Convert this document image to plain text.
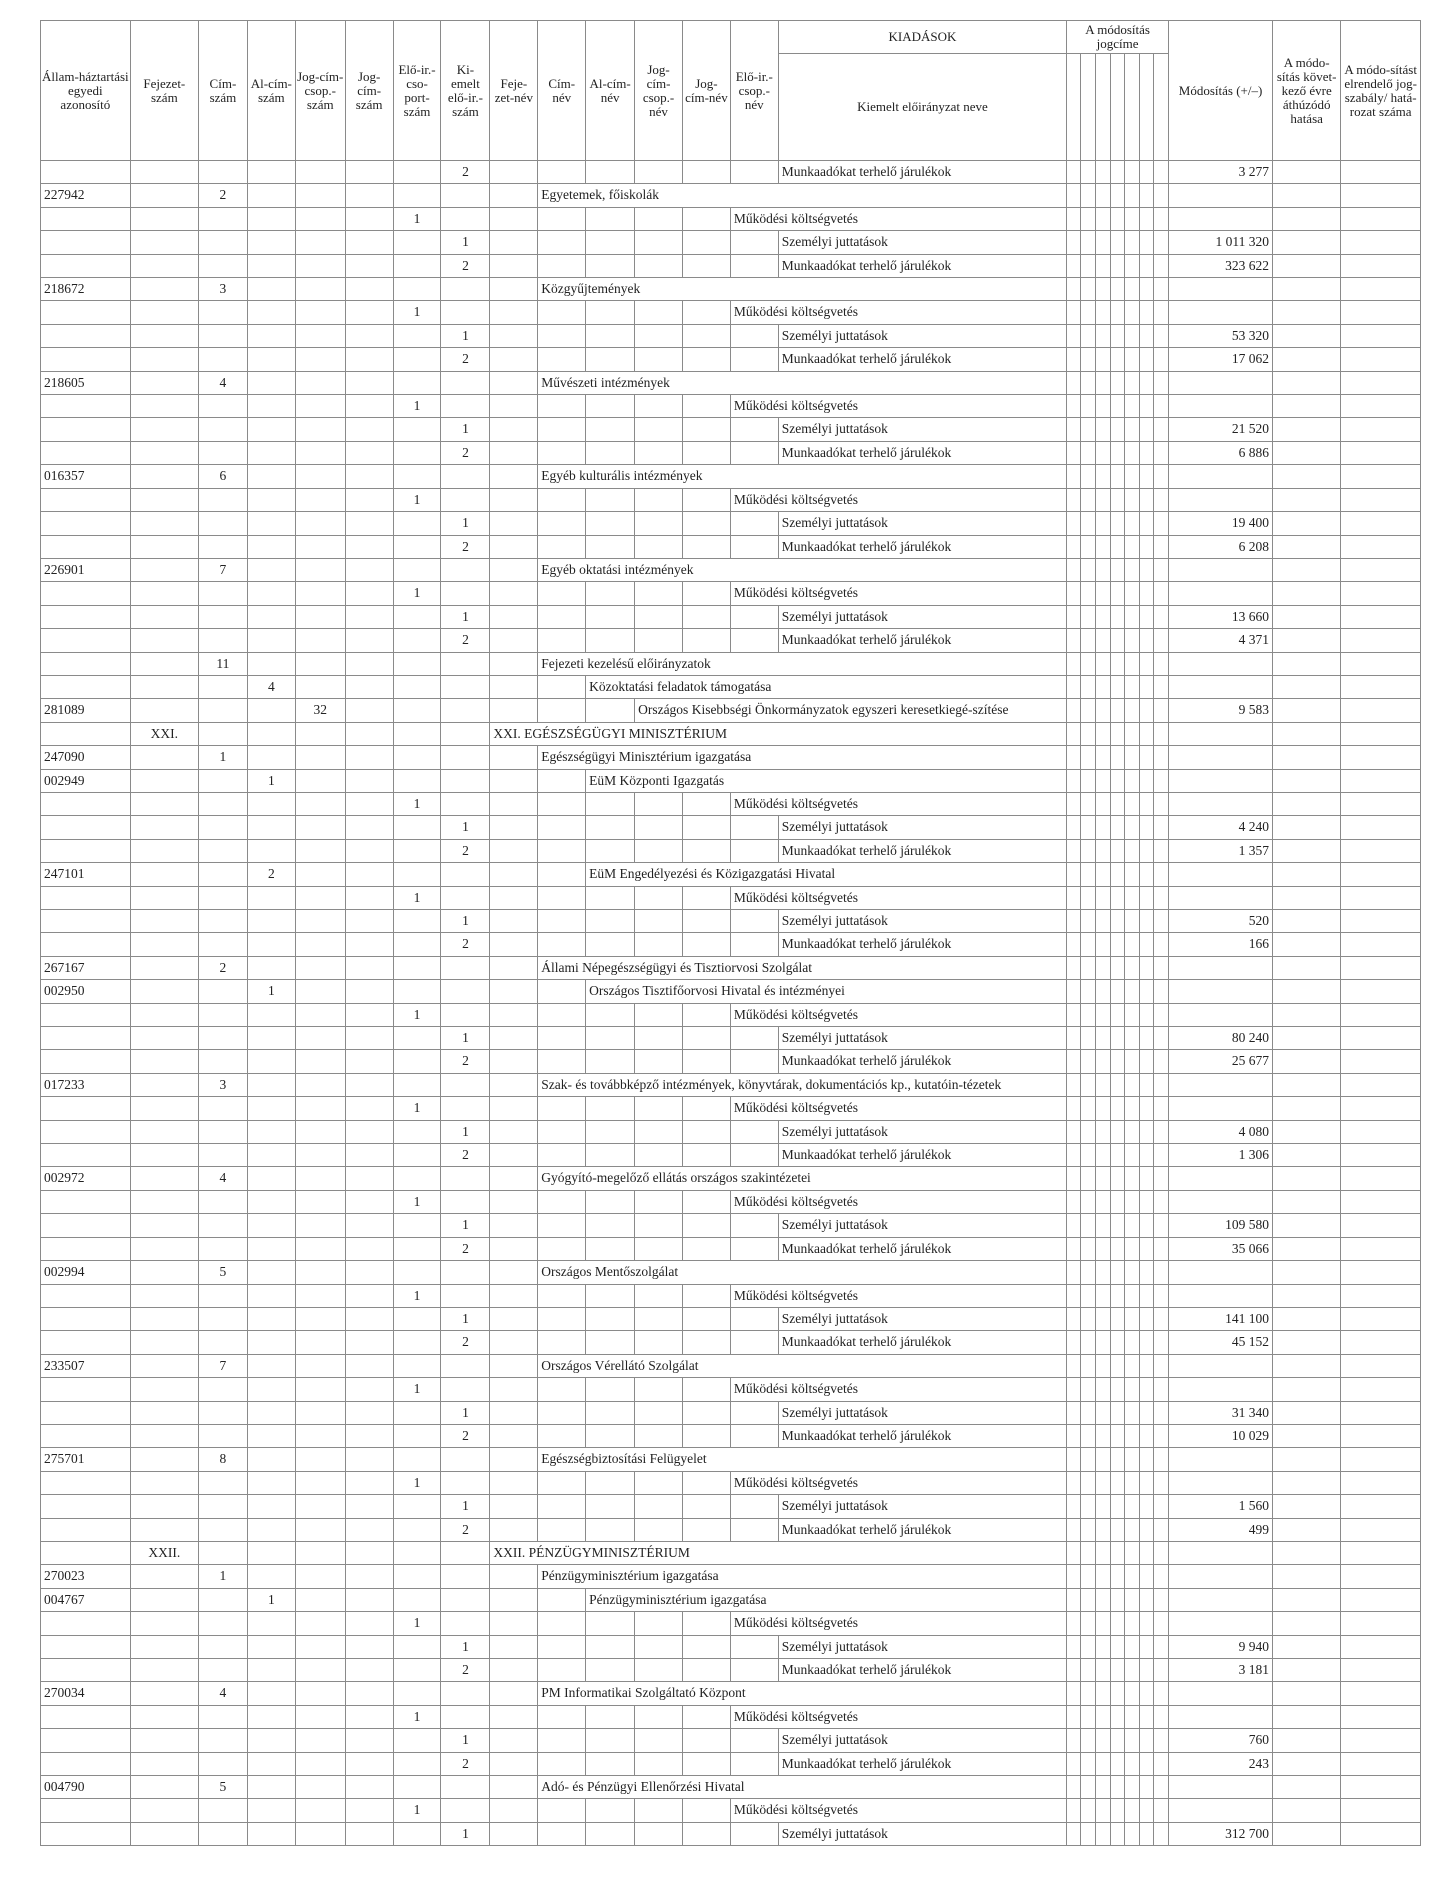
Állam-háztartási egyedi azonosító	Fejezet-szám	Cím-szám	Al-cím-szám	Jog-cím-csop.-szám	Jog-cím-szám	Elő-ir.-cso-port-szám	Ki-emelt elő-ir.-szám	Feje-zet-név	Cím-név	Al-cím-név	Jog-cím-csop.-név	Jog-cím-név	Elő-ir.-csop.-név	KIADÁSOK	A módosítás jogcíme							Módosítás (+/–)	A módo-sítás követ-kező évre áthúzódó hatása	A módo-sítást elrendelő jog-szabály/ hatá-rozat száma
														Kiemelt előirányzat neve										
							2							Munkaadókat terhelő járulékok								3 277		
227942		2							Egyetemek, főiskolák															
						1							Működési költségvetés											
							1							Személyi juttatások								1 011 320		
							2							Munkaadókat terhelő járulékok								323 622		
218672		3							Közgyűjtemények															
						1							Működési költségvetés											
							1							Személyi juttatások								53 320		
							2							Munkaadókat terhelő járulékok								17 062		
218605		4							Művészeti intézmények															
						1							Működési költségvetés											
							1							Személyi juttatások								21 520		
							2							Munkaadókat terhelő járulékok								6 886		
016357		6							Egyéb kulturális intézmények															
						1							Működési költségvetés											
							1							Személyi juttatások								19 400		
							2							Munkaadókat terhelő járulékok								6 208		
226901		7							Egyéb oktatási intézmények															
						1							Működési költségvetés											
							1							Személyi juttatások								13 660		
							2							Munkaadókat terhelő járulékok								4 371		
		11							Fejezeti kezelésű előirányzatok															
			4							Közoktatási feladatok támogatása														
281089				32							Országos Kisebbségi Önkormányzatok egyszeri keresetkiegé-szítése											9 583		
	XXI.							XXI. EGÉSZSÉGÜGYI MINISZTÉRIUM																
247090		1							Egészségügyi Minisztérium igazgatása															
002949			1							EüM Központi Igazgatás														
						1							Működési költségvetés											
							1							Személyi juttatások								4 240		
							2							Munkaadókat terhelő járulékok								1 357		
247101			2							EüM Engedélyezési és Közigazgatási Hivatal														
						1							Működési költségvetés											
							1							Személyi juttatások								520		
							2							Munkaadókat terhelő járulékok								166		
267167		2							Állami Népegészségügyi és Tisztiorvosi Szolgálat															
002950			1							Országos Tisztifőorvosi Hivatal és intézményei														
						1							Működési költségvetés											
							1							Személyi juttatások								80 240		
							2							Munkaadókat terhelő járulékok								25 677		
017233		3							Szak- és továbbképző intézmények, könyvtárak, dokumentációs kp., kutatóin-tézetek															
						1							Működési költségvetés											
							1							Személyi juttatások								4 080		
							2							Munkaadókat terhelő járulékok								1 306		
002972		4							Gyógyító-megelőző ellátás országos szakintézetei															
						1							Működési költségvetés											
							1							Személyi juttatások								109 580		
							2							Munkaadókat terhelő járulékok								35 066		
002994		5							Országos Mentőszolgálat															
						1							Működési költségvetés											
							1							Személyi juttatások								141 100		
							2							Munkaadókat terhelő járulékok								45 152		
233507		7							Országos Vérellátó Szolgálat															
						1							Működési költségvetés											
							1							Személyi juttatások								31 340		
							2							Munkaadókat terhelő járulékok								10 029		
275701		8							Egészségbiztosítási Felügyelet															
						1							Működési költségvetés											
							1							Személyi juttatások								1 560		
							2							Munkaadókat terhelő járulékok								499		
	XXII.							XXII. PÉNZÜGYMINISZTÉRIUM																
270023		1							Pénzügyminisztérium igazgatása															
004767			1							Pénzügyminisztérium igazgatása														
						1							Működési költségvetés											
							1							Személyi juttatások								9 940		
							2							Munkaadókat terhelő járulékok								3 181		
270034		4							PM Informatikai Szolgáltató Központ															
						1							Működési költségvetés											
							1							Személyi juttatások								760		
							2							Munkaadókat terhelő járulékok								243		
004790		5							Adó- és Pénzügyi Ellenőrzési Hivatal															
						1							Működési költségvetés											
							1							Személyi juttatások								312 700		
